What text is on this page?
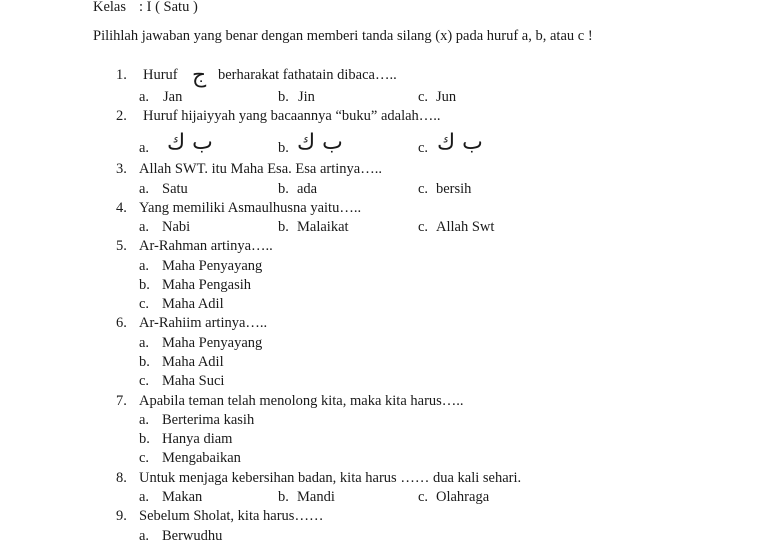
Kelas : I ( Satu )
Pilihlah jawaban yang benar dengan memberi tanda silang (x) pada huruf a, b, atau c !
1. Huruf ج berharakat fathatain dibaca…..
a. Jan	b. Jin	c. Jun
2. Huruf hijaiyyah yang bacaannya “buku” adalah…..
a. ب ك	b. ب ك	c. ب ك
3. Allah SWT. itu Maha Esa. Esa artinya…..
a. Satu	b. ada	c. bersih
4. Yang memiliki Asmaulhusna yaitu…..
a. Nabi	b. Malaikat	c. Allah Swt
5. Ar-Rahman artinya…..
a. Maha Penyayang
b. Maha Pengasih
c. Maha Adil
6. Ar-Rahiim artinya…..
a. Maha Penyayang
b. Maha Adil
c. Maha Suci
7. Apabila teman telah menolong kita, maka kita harus…..
a. Berterima kasih
b. Hanya diam
c. Mengabaikan
8. Untuk menjaga kebersihan badan, kita harus …… dua kali sehari.
a. Makan	b. Mandi	c. Olahraga
9. Sebelum Sholat, kita harus……
a. Berwudhu
